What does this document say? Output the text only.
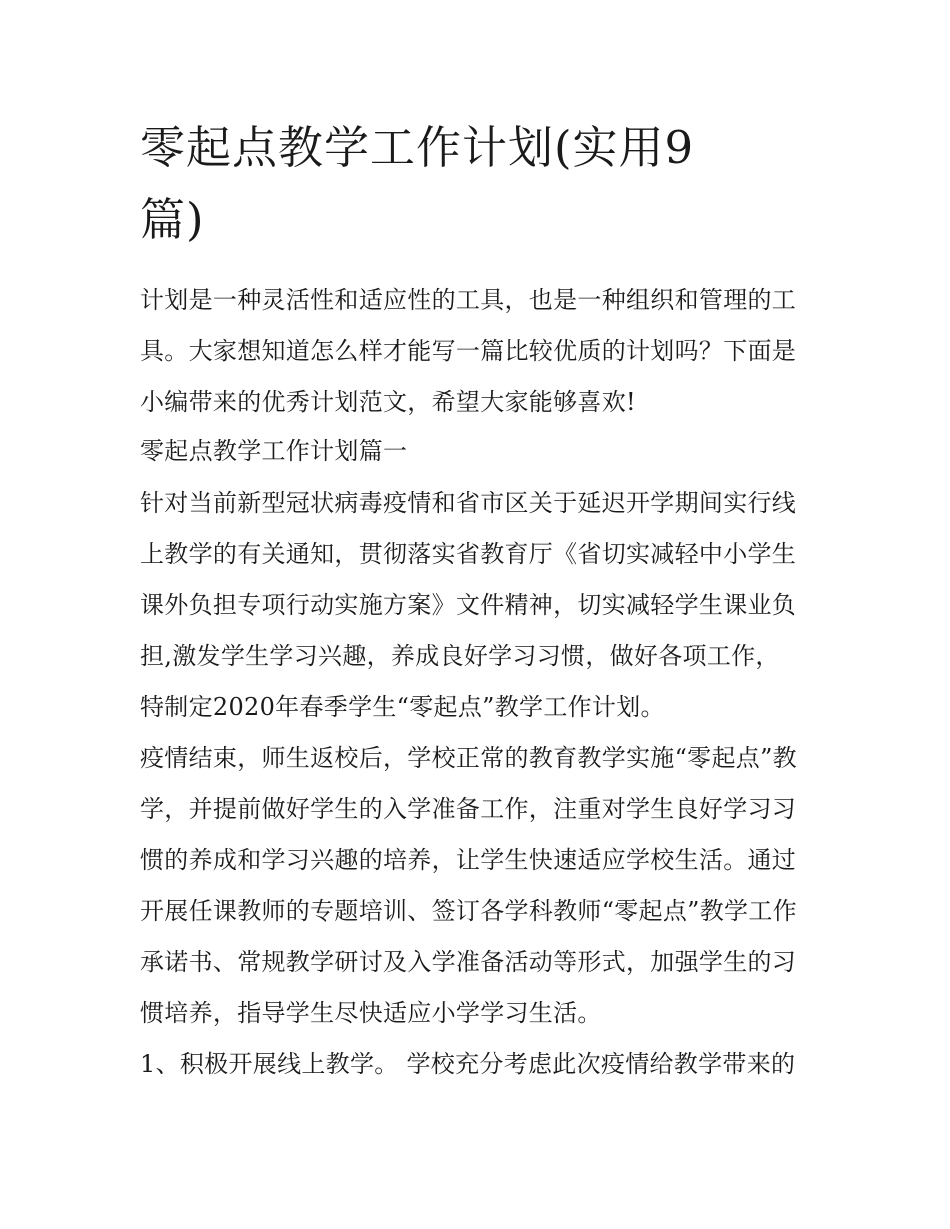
零起点教学工作计划(实用9
篇)

计划是一种灵活性和适应性的工具，也是一种组织和管理的工

具。大家想知道怎么样才能写一篇比较优质的计划吗？下面是

小编带来的优秀计划范文，希望大家能够喜欢!

零起点教学工作计划篇一

针对当前新型冠状病毒疫情和省市区关于延迟开学期间实行线

上教学的有关通知，贯彻落实省教育厅《省切实减轻中小学生

课外负担专项行动实施方案》文件精神，切实减轻学生课业负

担,激发学生学习兴趣，养成良好学习习惯，做好各项工作，

特制定2020年春季学生“零起点”教学工作计划。

疫情结束，师生返校后，学校正常的教育教学实施“零起点”教

学，并提前做好学生的入学准备工作，注重对学生良好学习习

惯的养成和学习兴趣的培养，让学生快速适应学校生活。通过

开展任课教师的专题培训、签订各学科教师“零起点”教学工作

承诺书、常规教学研讨及入学准备活动等形式，加强学生的习

惯培养，指导学生尽快适应小学学习生活。

1、积极开展线上教学。 学校充分考虑此次疫情给教学带来的
